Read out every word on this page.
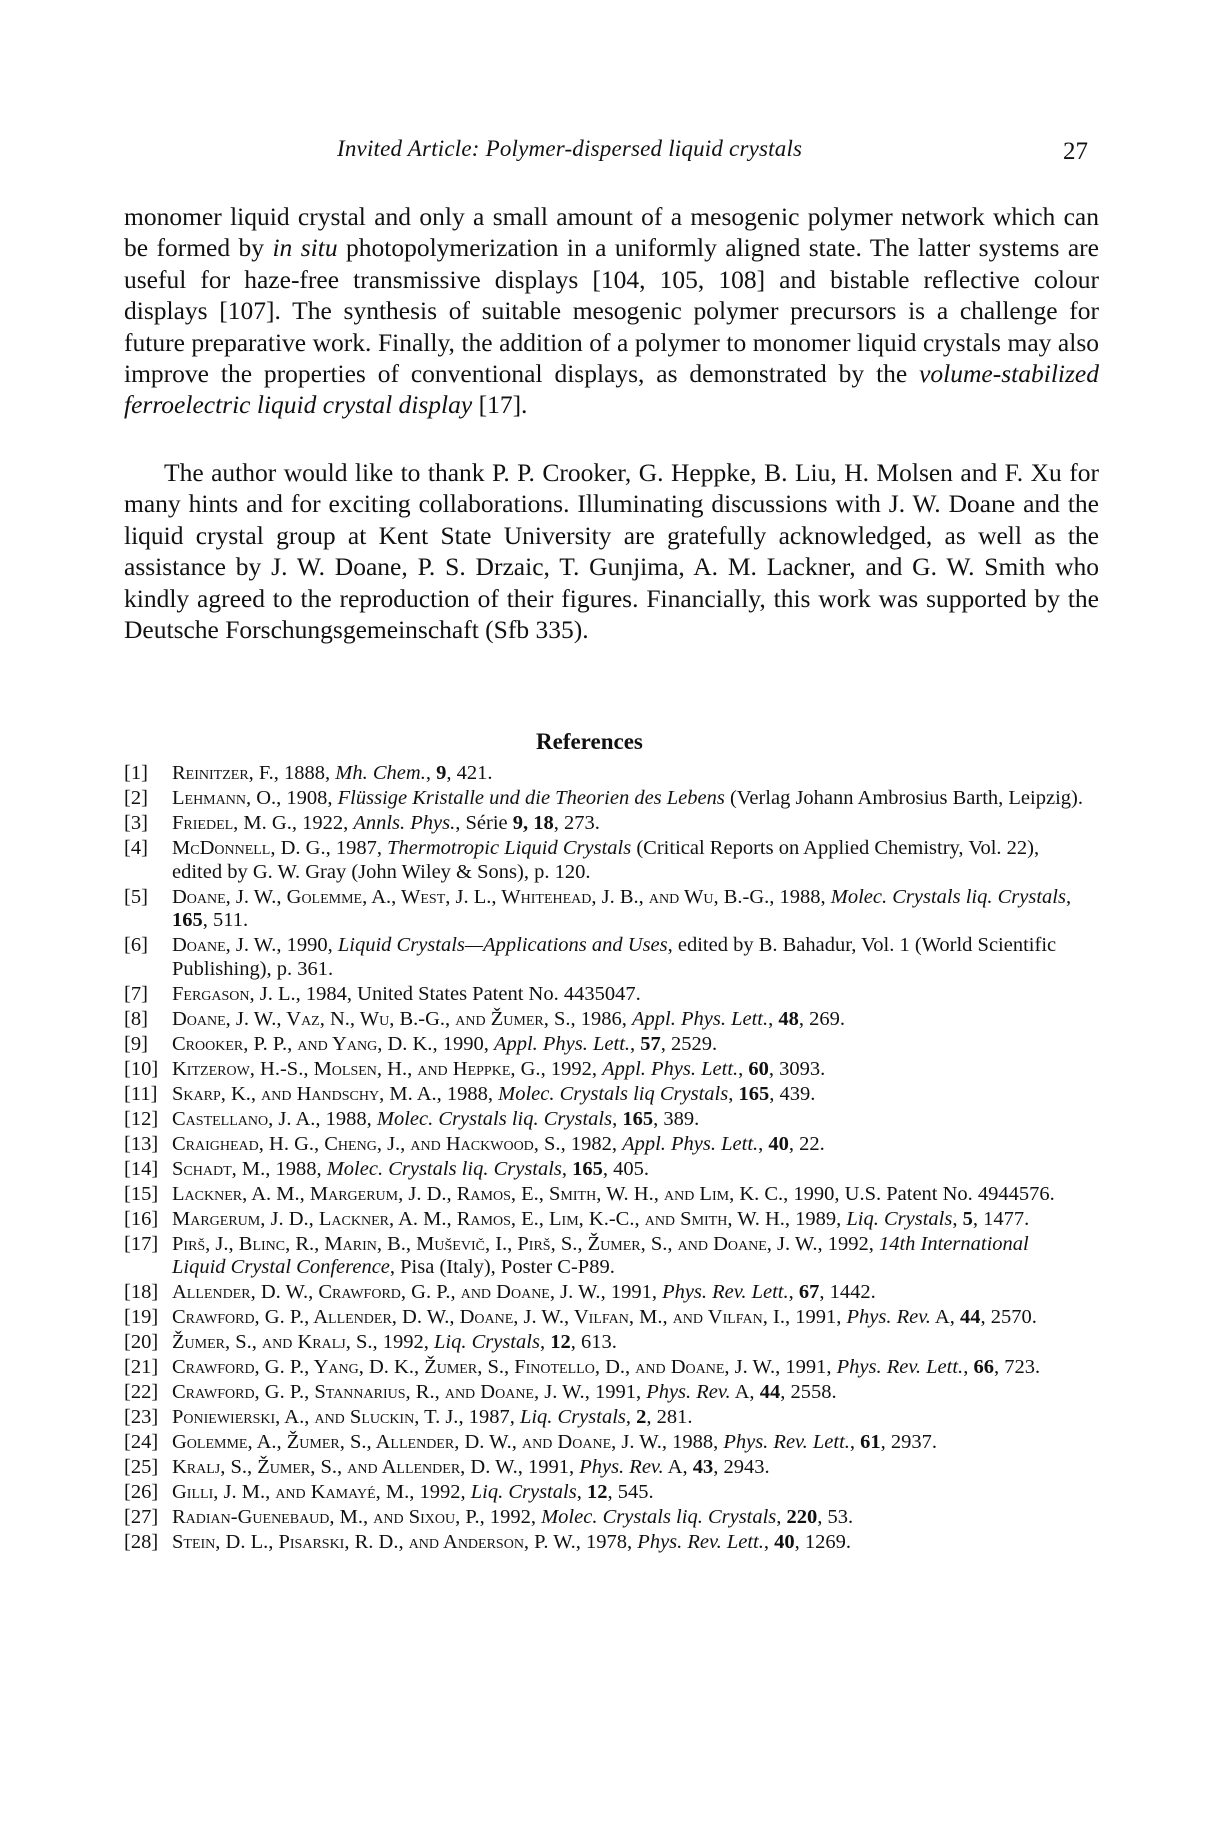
Invited Article: Polymer-dispersed liquid crystals	27
monomer liquid crystal and only a small amount of a mesogenic polymer network which can be formed by in situ photopolymerization in a uniformly aligned state. The latter systems are useful for haze-free transmissive displays [104, 105, 108] and bistable reflective colour displays [107]. The synthesis of suitable mesogenic polymer precursors is a challenge for future preparative work. Finally, the addition of a polymer to monomer liquid crystals may also improve the properties of conventional displays, as demonstrated by the volume-stabilized ferroelectric liquid crystal display [17].
The author would like to thank P. P. Crooker, G. Heppke, B. Liu, H. Molsen and F. Xu for many hints and for exciting collaborations. Illuminating discussions with J. W. Doane and the liquid crystal group at Kent State University are gratefully acknowledged, as well as the assistance by J. W. Doane, P. S. Drzaic, T. Gunjima, A. M. Lackner, and G. W. Smith who kindly agreed to the reproduction of their figures. Financially, this work was supported by the Deutsche Forschungsgemeinschaft (Sfb 335).
References
[1]	Reinitzer, F., 1888, Mh. Chem., 9, 421.
[2]	Lehmann, O., 1908, Flüssige Kristalle und die Theorien des Lebens (Verlag Johann Ambrosius Barth, Leipzig).
[3]	Friedel, M. G., 1922, Annls. Phys., Série 9, 18, 273.
[4]	McDonnell, D. G., 1987, Thermotropic Liquid Crystals (Critical Reports on Applied Chemistry, Vol. 22), edited by G. W. Gray (John Wiley & Sons), p. 120.
[5]	Doane, J. W., Golemme, A., West, J. L., Whitehead, J. B., and Wu, B.-G., 1988, Molec. Crystals liq. Crystals, 165, 511.
[6]	Doane, J. W., 1990, Liquid Crystals—Applications and Uses, edited by B. Bahadur, Vol. 1 (World Scientific Publishing), p. 361.
[7]	Fergason, J. L., 1984, United States Patent No. 4435047.
[8]	Doane, J. W., Vaz, N., Wu, B.-G., and Žumer, S., 1986, Appl. Phys. Lett., 48, 269.
[9]	Crooker, P. P., and Yang, D. K., 1990, Appl. Phys. Lett., 57, 2529.
[10] Kitzerow, H.-S., Molsen, H., and Heppke, G., 1992, Appl. Phys. Lett., 60, 3093.
[11] Skarp, K., and Handschy, M. A., 1988, Molec. Crystals liq Crystals, 165, 439.
[12] Castellano, J. A., 1988, Molec. Crystals liq. Crystals, 165, 389.
[13] Craighead, H. G., Cheng, J., and Hackwood, S., 1982, Appl. Phys. Lett., 40, 22.
[14] Schadt, M., 1988, Molec. Crystals liq. Crystals, 165, 405.
[15] Lackner, A. M., Margerum, J. D., Ramos, E., Smith, W. H., and Lim, K. C., 1990, U.S. Patent No. 4944576.
[16] Margerum, J. D., Lackner, A. M., Ramos, E., Lim, K.-C., and Smith, W. H., 1989, Liq. Crystals, 5, 1477.
[17] Pirš, J., Blinc, R., Marin, B., Muševič, I., Pirš, S., Žumer, S., and Doane, J. W., 1992, 14th International Liquid Crystal Conference, Pisa (Italy), Poster C-P89.
[18] Allender, D. W., Crawford, G. P., and Doane, J. W., 1991, Phys. Rev. Lett., 67, 1442.
[19] Crawford, G. P., Allender, D. W., Doane, J. W., Vilfan, M., and Vilfan, I., 1991, Phys. Rev. A, 44, 2570.
[20] Žumer, S., and Kralj, S., 1992, Liq. Crystals, 12, 613.
[21] Crawford, G. P., Yang, D. K., Žumer, S., Finotello, D., and Doane, J. W., 1991, Phys. Rev. Lett., 66, 723.
[22] Crawford, G. P., Stannarius, R., and Doane, J. W., 1991, Phys. Rev. A, 44, 2558.
[23] Poniewierski, A., and Sluckin, T. J., 1987, Liq. Crystals, 2, 281.
[24] Golemme, A., Žumer, S., Allender, D. W., and Doane, J. W., 1988, Phys. Rev. Lett., 61, 2937.
[25] Kralj, S., Žumer, S., and Allender, D. W., 1991, Phys. Rev. A, 43, 2943.
[26] Gilli, J. M., and Kamayé, M., 1992, Liq. Crystals, 12, 545.
[27] Radian-Guenebaud, M., and Sixou, P., 1992, Molec. Crystals liq. Crystals, 220, 53.
[28] Stein, D. L., Pisarski, R. D., and Anderson, P. W., 1978, Phys. Rev. Lett., 40, 1269.
